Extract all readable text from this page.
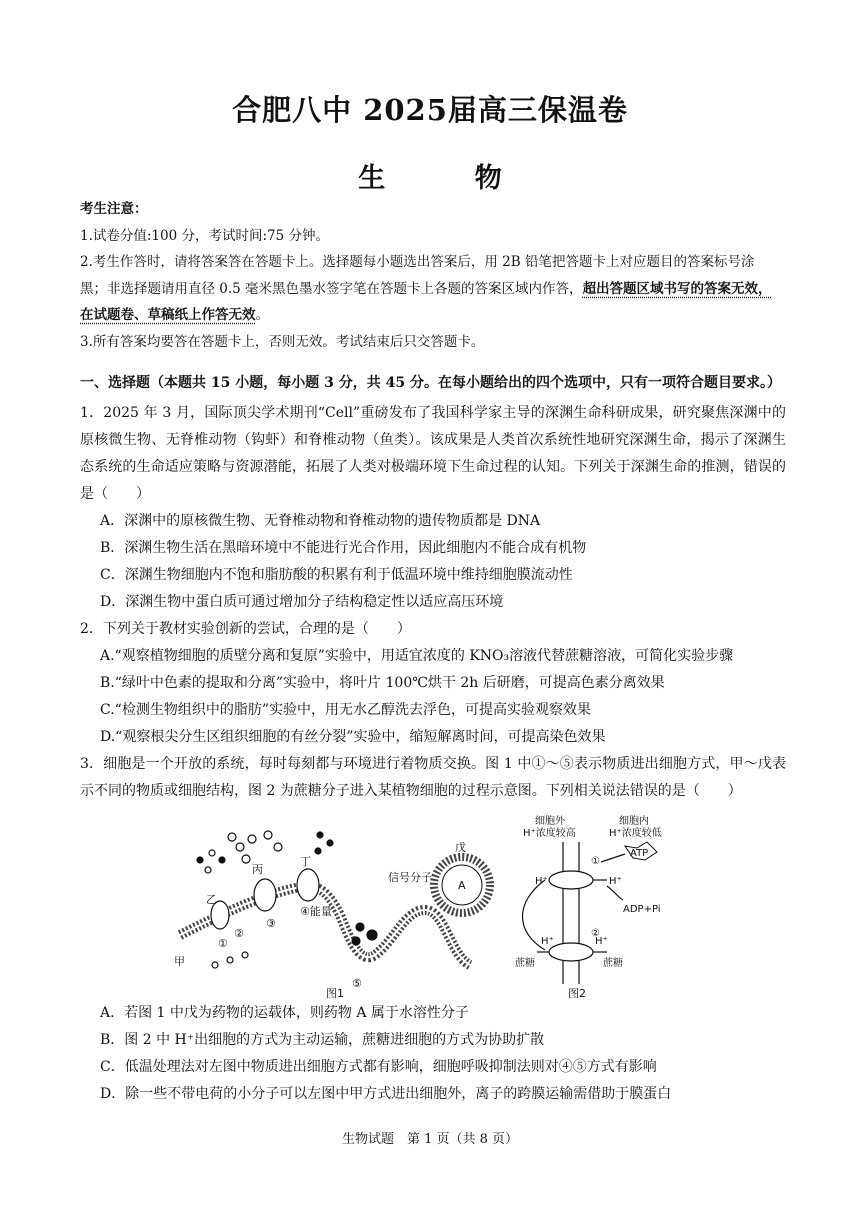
合肥八中 2025届高三保温卷
生 物
考生注意：
1.试卷分值:100 分，考试时间:75 分钟。
2.考生作答时，请将答案答在答题卡上。选择题每小题选出答案后，用 2B 铅笔把答题卡上对应题目的答案标号涂黑；非选择题请用直径 0.5 毫米黑色墨水签字笔在答题卡上各题的答案区域内作答，超出答题区域书写的答案无效，在试题卷、草稿纸上作答无效。
3.所有答案均要答在答题卡上，否则无效。考试结束后只交答题卡。
一、选择题（本题共 15 小题，每小题 3 分，共 45 分。在每小题给出的四个选项中，只有一项符合题目要求。）
1．2025 年 3 月，国际顶尖学术期刊“Cell”重磅发布了我国科学家主导的深渊生命科研成果，研究聚焦深渊中的原核微生物、无脊椎动物（钩虾）和脊椎动物（鱼类）。该成果是人类首次系统性地研究深渊生命，揭示了深渊生态系统的生命适应策略与资源潜能，拓展了人类对极端环境下生命过程的认知。下列关于深渊生命的推测，错误的是（　　）
A．深渊中的原核微生物、无脊椎动物和脊椎动物的遗传物质都是 DNA
B．深渊生物生活在黑暗环境中不能进行光合作用，因此细胞内不能合成有机物
C．深渊生物细胞内不饱和脂肪酸的积累有利于低温环境中维持细胞膜流动性
D．深渊生物中蛋白质可通过增加分子结构稳定性以适应高压环境
2．下列关于教材实验创新的尝试，合理的是（　　）
A.“观察植物细胞的质壁分离和复原”实验中，用适宜浓度的 KNO₃溶液代替蔗糖溶液，可简化实验步骤
B.“绿叶中色素的提取和分离”实验中，将叶片 100℃烘干 2h 后研磨，可提高色素分离效果
C.“检测生物组织中的脂肪”实验中，用无水乙醇洗去浮色，可提高实验观察效果
D.“观察根尖分生区组织细胞的有丝分裂”实验中，缩短解离时间，可提高染色效果
3．细胞是一个开放的系统，每时每刻都与环境进行着物质交换。图 1 中①～⑤表示物质进出细胞方式，甲～戊表示不同的物质或细胞结构，图 2 为蔗糖分子进入某植物细胞的过程示意图。下列相关说法错误的是（　　）
甲
乙
丙
丁
戊
①
②
③
④能量
⑤
信号分子
A
图1
细胞外
H⁺浓度较高
细胞内
H⁺浓度较低
ATP
ADP+Pi
H⁺	H⁺
①
②
H⁺	H⁺
蔗糖	蔗糖
图2
A．若图 1 中戊为药物的运载体，则药物 A 属于水溶性分子
B．图 2 中 H⁺出细胞的方式为主动运输，蔗糖进细胞的方式为协助扩散
C．低温处理法对左图中物质进出细胞方式都有影响，细胞呼吸抑制法则对④⑤方式有影响
D．除一些不带电荷的小分子可以左图中甲方式进出细胞外，离子的跨膜运输需借助于膜蛋白
生物试题　第 1 页（共 8 页）
